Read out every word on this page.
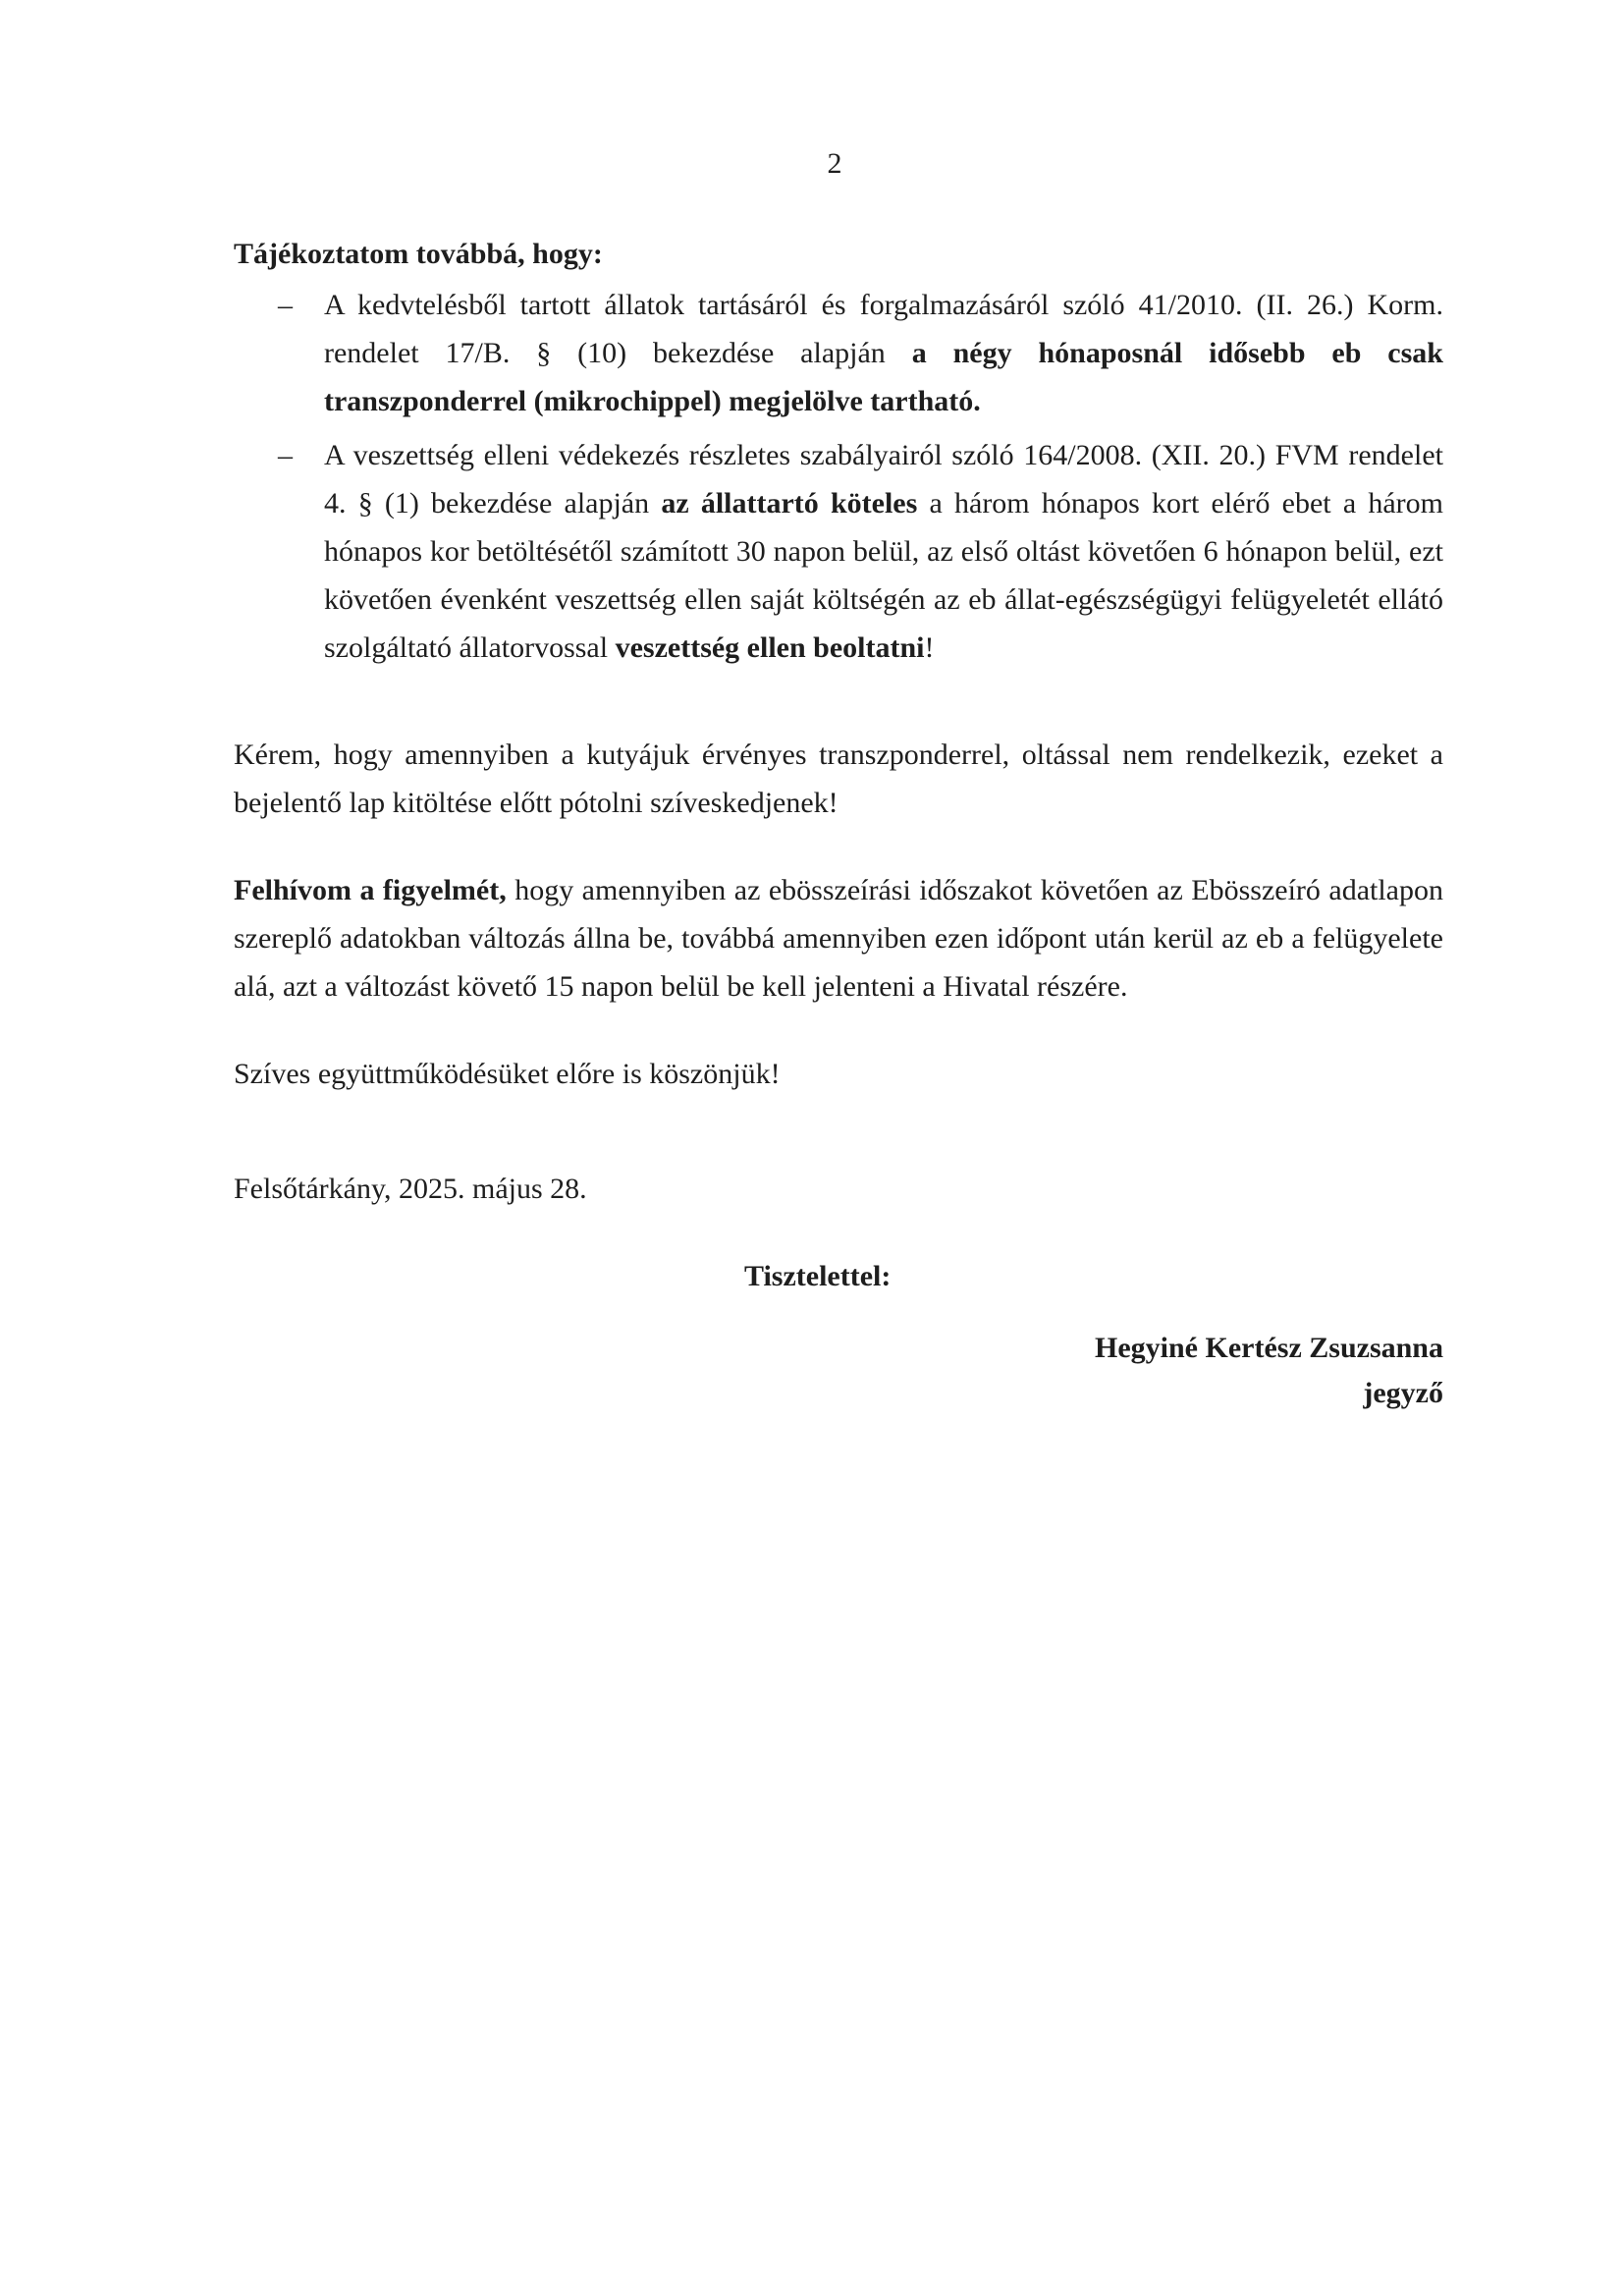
2
Tájékoztatom továbbá, hogy:
–	A kedvtelésből tartott állatok tartásáról és forgalmazásáról szóló 41/2010. (II. 26.) Korm. rendelet 17/B. § (10) bekezdése alapján a négy hónaposnál idősebb eb csak transzponderrel (mikrochippel) megjelölve tartható.
–	A veszettség elleni védekezés részletes szabályairól szóló 164/2008. (XII. 20.) FVM rendelet 4. § (1) bekezdése alapján az állattartó köteles a három hónapos kort elérő ebet a három hónapos kor betöltésétől számított 30 napon belül, az első oltást követően 6 hónapon belül, ezt követően évenként veszettség ellen saját költségén az eb állat-egészségügyi felügyeletét ellátó szolgáltató állatorvossal veszettség ellen beoltatni!

Kérem, hogy amennyiben a kutyájuk érvényes transzponderrel, oltással nem rendelkezik, ezeket a bejelentő lap kitöltése előtt pótolni szíveskedjenek!

Felhívom a figyelmét, hogy amennyiben az ebösszeírási időszakot követően az Ebösszeíró adatlapon szereplő adatokban változás állna be, továbbá amennyiben ezen időpont után kerül az eb a felügyelete alá, azt a változást követő 15 napon belül be kell jelenteni a Hivatal részére.

Szíves együttműködésüket előre is köszönjük!

Felsőtárkány, 2025. május 28.

Tisztelettel:
Hegyiné Kertész Zsuzsanna
jegyző
